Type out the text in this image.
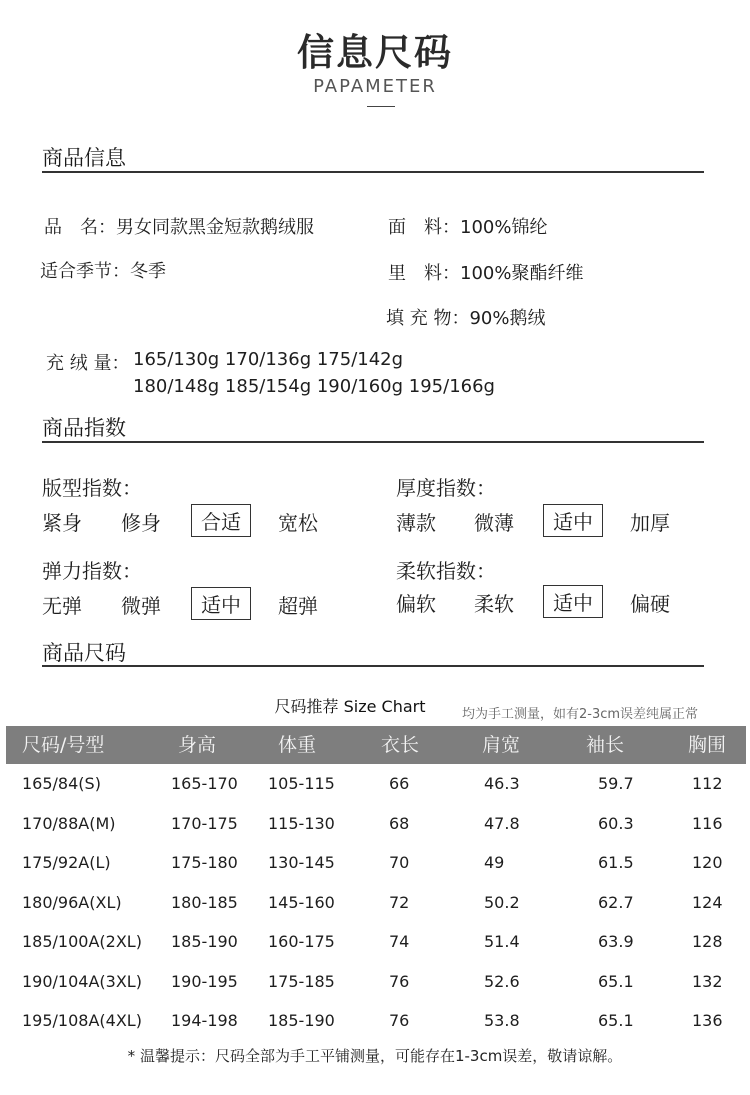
信息尺码
PAPAMETER
商品信息
品　名：男女同款黑金短款鹅绒服	面　料：100%锦纶
适合季节：冬季	里　料：100%聚酯纤维
填 充 物：90%鹅绒
充 绒 量： 165/130g 170/136g 175/142g
180/148g 185/154g 190/160g 195/166g
商品指数
版型指数：
紧身 修身	合适	宽松
厚度指数：
薄款 微薄	适中	加厚
弹力指数：
无弹 微弹	适中	超弹
柔软指数：
偏软 柔软	适中	偏硬
商品尺码
尺码推荐 Size Chart	均为手工测量，如有2-3cm误差纯属正常
尺码/号型	身高	体重	衣长	肩宽	袖长	胸围
165/84(S)	165-170 105-115	66	46.3	59.7	112
170/88A(M)	170-175 115-130	68	47.8	60.3	116
175/92A(L)	175-180 130-145	70	49	61.5	120
180/96A(XL)	180-185 145-160	72	50.2	62.7	124
185/100A(2XL) 185-190 160-175	74	51.4	63.9	128
190/104A(3XL) 190-195 175-185	76	52.6	65.1	132
195/108A(4XL) 194-198 185-190	76	53.8	65.1	136
* 温馨提示：尺码全部为手工平铺测量，可能存在1-3cm误差，敬请谅解。
